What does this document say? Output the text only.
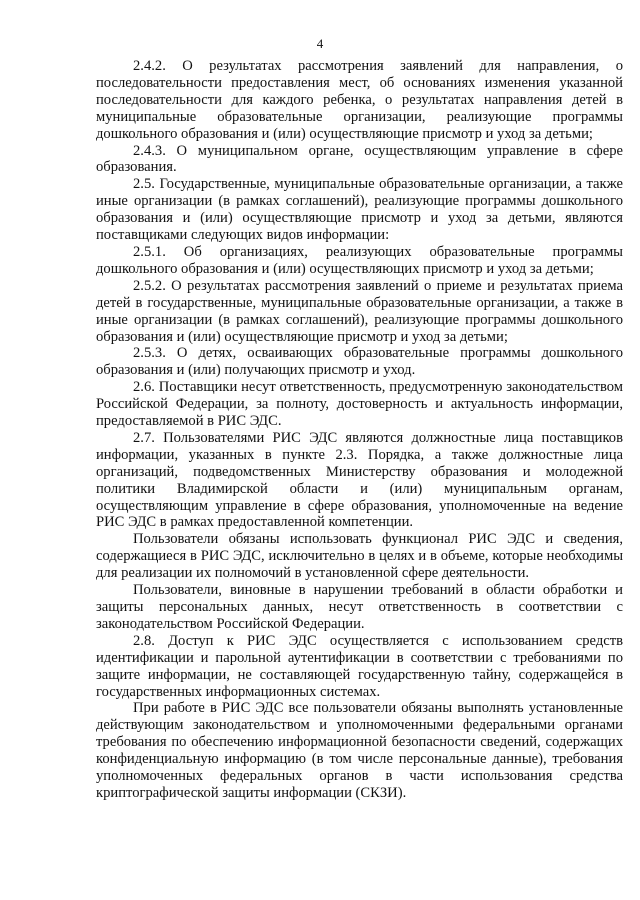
4

2.4.2. О результатах рассмотрения заявлений для направления, о последовательности предоставления мест, об основаниях изменения указанной последовательности для каждого ребенка, о результатах направления детей в муниципальные образовательные организации, реализующие программы дошкольного образования и (или) осуществляющие присмотр и уход за детьми;

2.4.3. О муниципальном органе, осуществляющим управление в сфере образования.

2.5. Государственные, муниципальные образовательные организации, а также иные организации (в рамках соглашений), реализующие программы дошкольного образования и (или) осуществляющие присмотр и уход за детьми, являются поставщиками следующих видов информации:

2.5.1. Об организациях, реализующих образовательные программы дошкольного образования и (или) осуществляющих присмотр и уход за детьми;

2.5.2. О результатах рассмотрения заявлений о приеме и результатах приема детей в государственные, муниципальные образовательные организации, а также в иные организации (в рамках соглашений), реализующие программы дошкольного образования и (или) осуществляющие присмотр и уход за детьми;

2.5.3. О детях, осваивающих образовательные программы дошкольного образования и (или) получающих присмотр и уход.

2.6. Поставщики несут ответственность, предусмотренную законодательством Российской Федерации, за полноту, достоверность и актуальность информации, предоставляемой в РИС ЭДС.

2.7. Пользователями РИС ЭДС являются должностные лица поставщиков информации, указанных в пункте 2.3. Порядка, а также должностные лица организаций, подведомственных Министерству образования и молодежной политики Владимирской области и (или) муниципальным органам, осуществляющим управление в сфере образования, уполномоченные на ведение РИС ЭДС в рамках предоставленной компетенции.

Пользователи обязаны использовать функционал РИС ЭДС и сведения, содержащиеся в РИС ЭДС, исключительно в целях и в объеме, которые необходимы для реализации их полномочий в установленной сфере деятельности.

Пользователи, виновные в нарушении требований в области обработки и защиты персональных данных, несут ответственность в соответствии с законодательством Российской Федерации.

2.8. Доступ к РИС ЭДС осуществляется с использованием средств идентификации и парольной аутентификации в соответствии с требованиями по защите информации, не составляющей государственную тайну, содержащейся в государственных информационных системах.

При работе в РИС ЭДС все пользователи обязаны выполнять установленные действующим законодательством и уполномоченными федеральными органами требования по обеспечению информационной безопасности сведений, содержащих конфиденциальную информацию (в том числе персональные данные), требования уполномоченных федеральных органов в части использования средства криптографической защиты информации (СКЗИ).
